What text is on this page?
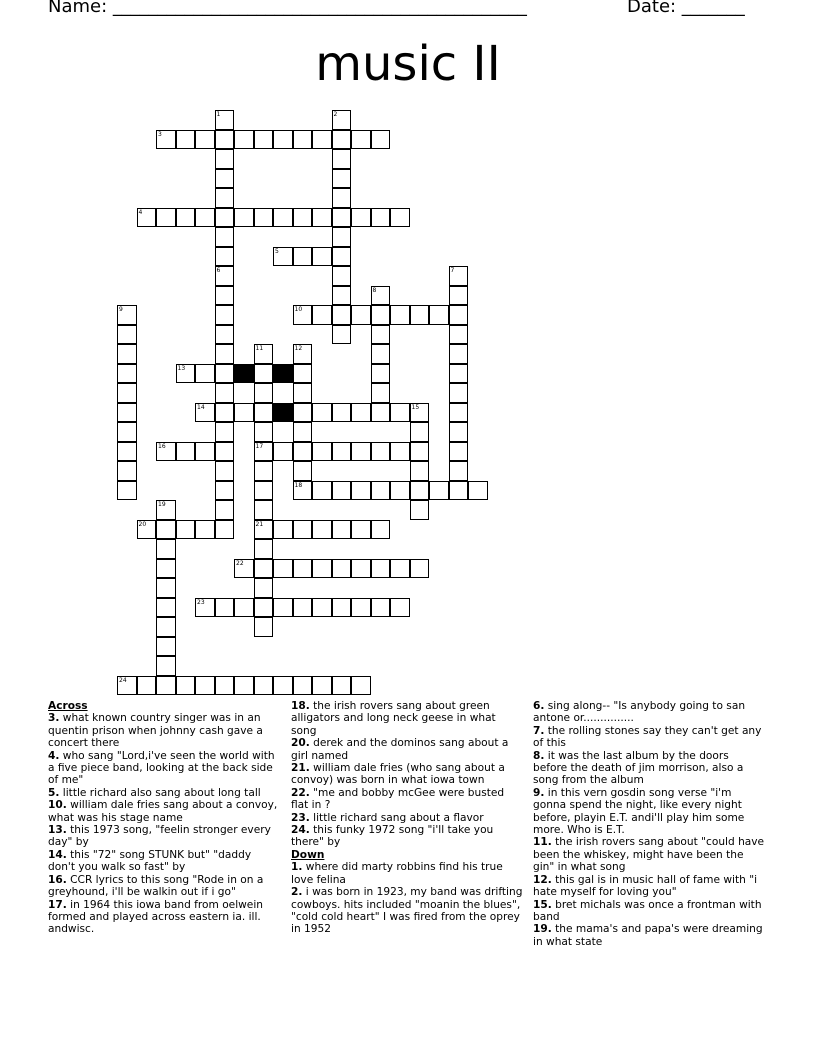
Name: ______________________________________________	Date: _______
music II
1
6
2
3
4
5
7
8
9	10
11
17
21
12
18
13
14	15
16
19
20
22
23
24

Across

3. what known country singer was in an quentin prison when johnny cash gave a concert there

4. who sang "Lord,i've seen the world with a five piece band, looking at the back side of me"

5. little richard also sang about long tall

10. william dale fries sang about a convoy, what was his stage name

13. this 1973 song, "feelin stronger every day" by

14. this "72" song STUNK but" "daddy don't you walk so fast" by

16. CCR lyrics to this song "Rode in on a greyhound, i'll be walkin out if i go"

17. in 1964 this iowa band from oelwein formed and played across eastern ia. ill. andwisc.

18. the irish rovers sang about green alligators and long neck geese in what song

20. derek and the dominos sang about a girl named

21. william dale fries (who sang about a convoy) was born in what iowa town

22. "me and bobby mcGee were busted flat in ?

23. little richard sang about a flavor

24. this funky 1972 song "i'll take you there" by

Down

1. where did marty robbins find his true love felina

2. i was born in 1923, my band was drifting cowboys. hits included "moanin the blues", "cold cold heart" I was fired from the oprey in 1952

6. sing along-- "Is anybody going to san antone or...............

7. the rolling stones say they can't get any of this

8. it was the last album by the doors before the death of jim morrison, also a song from the album

9. in this vern gosdin song verse "i'm gonna spend the night, like every night before, playin E.T. andi'll play him some more. Who is E.T.

11. the irish rovers sang about "could have been the whiskey, might have been the gin" in what song

12. this gal is in music hall of fame with "i hate myself for loving you"

15. bret michals was once a frontman with band

19. the mama's and papa's were dreaming in what state
